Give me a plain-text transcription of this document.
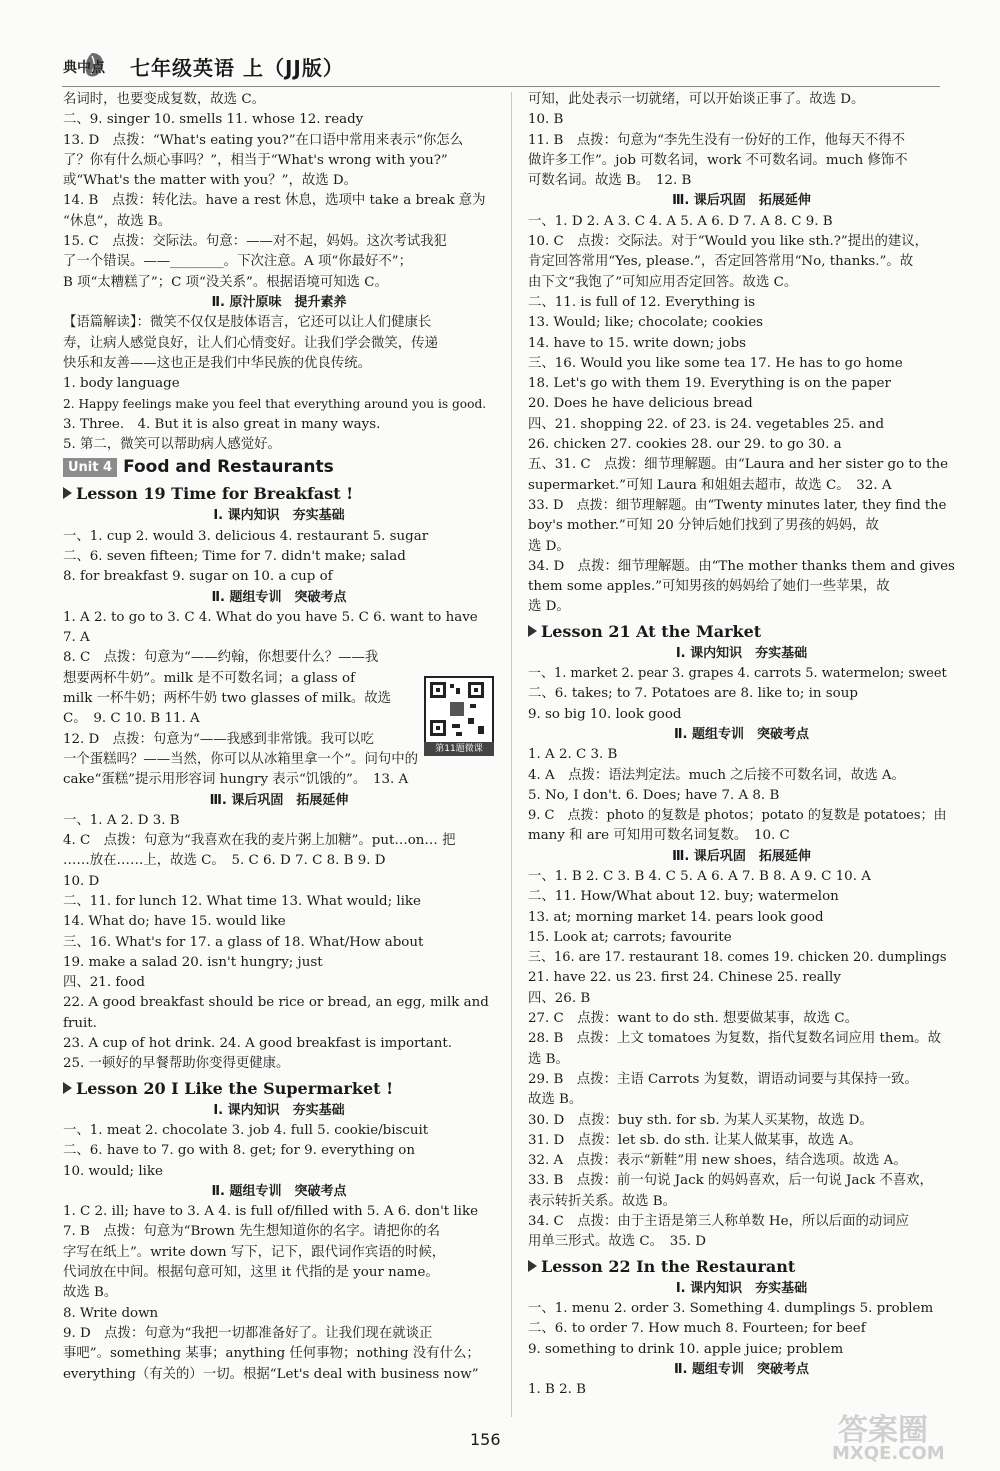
典中点 七年级英语 上（JJ版）
名词时，也要变成复数，故选 C。
二、9. singer 10. smells 11. whose 12. ready
13. D　点拨：“What's eating you?”在口语中常用来表示“你怎么
了？你有什么烦心事吗？”，相当于“What's wrong with you?”
或“What's the matter with you？”，故选 D。
14. B　点拨：转化法。have a rest 休息，选项中 take a break 意为
“休息”，故选 B。
15. C　点拨：交际法。句意：——对不起，妈妈。这次考试我犯
了一个错误。——________。下次注意。A 项“你最好不”；
B 项“太糟糕了”；C 项“没关系”。根据语境可知选 C。
Ⅱ. 原汁原味　提升素养
【语篇解读】：微笑不仅仅是肢体语言，它还可以让人们健康长
寿，让病人感觉良好，让人们心情变好。让我们学会微笑，传递
快乐和友善——这也正是我们中华民族的优良传统。
1. body language
2. Happy feelings make you feel that everything around you is good.
3. Three.　4. But it is also great in many ways.
5. 第二，微笑可以帮助病人感觉好。
Unit 4 Food and Restaurants
Lesson 19 Time for Breakfast !
Ⅰ. 课内知识　夯实基础
一、1. cup 2. would 3. delicious 4. restaurant 5. sugar
二、6. seven fifteen; Time for 7. didn't make; salad
8. for breakfast 9. sugar on 10. a cup of
Ⅱ. 题组专训　突破考点
1. A 2. to go to 3. C 4. What do you have 5. C 6. want to have
7. A
8. C　点拨：句意为“——约翰，你想要什么？——我
想要两杯牛奶”。milk 是不可数名词；a glass of
milk 一杯牛奶；两杯牛奶 two glasses of milk。故选
C。　9. C 10. B 11. A
12. D　点拨：句意为“——我感到非常饿。我可以吃
一个蛋糕吗？——当然，你可以从冰箱里拿一个”。问句中的
cake“蛋糕”提示用形容词 hungry 表示“饥饿的”。　13. A
Ⅲ. 课后巩固　拓展延伸
一、1. A 2. D 3. B
4. C　点拨：句意为“我喜欢在我的麦片粥上加糖”。put…on… 把
……放在……上，故选 C。　5. C 6. D 7. C 8. B 9. D
10. D
二、11. for lunch 12. What time 13. What would; like
14. What do; have 15. would like
三、16. What's for 17. a glass of 18. What/How about
19. make a salad 20. isn't hungry; just
四、21. food
22. A good breakfast should be rice or bread, an egg, milk and
fruit.
23. A cup of hot drink. 24. A good breakfast is important.
25. 一顿好的早餐帮助你变得更健康。
Lesson 20 I Like the Supermarket !
Ⅰ. 课内知识　夯实基础
一、1. meat 2. chocolate 3. job 4. full 5. cookie/biscuit
二、6. have to 7. go with 8. get; for 9. everything on
10. would; like
Ⅱ. 题组专训　突破考点
1. C 2. ill; have to 3. A 4. is full of/filled with 5. A 6. don't like
7. B　点拨：句意为“Brown 先生想知道你的名字。请把你的名
字写在纸上”。write down 写下，记下，跟代词作宾语的时候，
代词放在中间。根据句意可知，这里 it 代指的是 your name。
故选 B。
8. Write down
9. D　点拨：句意为“我把一切都准备好了。让我们现在就谈正
事吧”。something 某事；anything 任何事物；nothing 没有什么；
everything（有关的）一切。根据“Let's deal with business now”
可知，此处表示一切就绪，可以开始谈正事了。故选 D。
10. B
11. B　点拨：句意为“李先生没有一份好的工作，他每天不得不
做许多工作”。job 可数名词，work 不可数名词。much 修饰不
可数名词。故选 B。　12. B
Ⅲ. 课后巩固　拓展延伸
一、1. D 2. A 3. C 4. A 5. A 6. D 7. A 8. C 9. B
10. C　点拨：交际法。对于“Would you like sth.?”提出的建议，
肯定回答常用“Yes, please.”，否定回答常用“No, thanks.”。故
由下文“我饱了”可知应用否定回答。故选 C。
二、11. is full of 12. Everything is
13. Would; like; chocolate; cookies
14. have to 15. write down; jobs
三、16. Would you like some tea 17. He has to go home
18. Let's go with them 19. Everything is on the paper
20. Does he have delicious bread
四、21. shopping 22. of 23. is 24. vegetables 25. and
26. chicken 27. cookies 28. our 29. to go 30. a
五、31. C　点拨：细节理解题。由“Laura and her sister go to the
supermarket.”可知 Laura 和姐姐去超市，故选 C。　32. A
33. D　点拨：细节理解题。由“Twenty minutes later, they find the
boy's mother.”可知 20 分钟后她们找到了男孩的妈妈，故
选 D。
34. D　点拨：细节理解题。由“The mother thanks them and gives
them some apples.”可知男孩的妈妈给了她们一些苹果，故
选 D。
Lesson 21 At the Market
Ⅰ. 课内知识　夯实基础
一、1. market 2. pear 3. grapes 4. carrots 5. watermelon; sweet
二、6. takes; to 7. Potatoes are 8. like to; in soup
9. so big 10. look good
Ⅱ. 题组专训　突破考点
1. A 2. C 3. B
4. A　点拨：语法判定法。much 之后接不可数名词，故选 A。
5. No, I don't. 6. Does; have 7. A 8. B
9. C　点拨：photo 的复数是 photos；potato 的复数是 potatoes；由
many 和 are 可知用可数名词复数。　10. C
Ⅲ. 课后巩固　拓展延伸
一、1. B 2. C 3. B 4. C 5. A 6. A 7. B 8. A 9. C 10. A
二、11. How/What about 12. buy; watermelon
13. at; morning market 14. pears look good
15. Look at; carrots; favourite
三、16. are 17. restaurant 18. comes 19. chicken 20. dumplings
21. have 22. us 23. first 24. Chinese 25. really
四、26. B
27. C　点拨：want to do sth. 想要做某事，故选 C。
28. B　点拨：上文 tomatoes 为复数，指代复数名词应用 them。故
选 B。
29. B　点拨：主语 Carrots 为复数，谓语动词要与其保持一致。
故选 B。
30. D　点拨：buy sth. for sb. 为某人买某物，故选 D。
31. D　点拨：let sb. do sth. 让某人做某事，故选 A。
32. A　点拨：表示“新鞋”用 new shoes，结合选项。故选 A。
33. B　点拨：前一句说 Jack 的妈妈喜欢，后一句说 Jack 不喜欢，
表示转折关系。故选 B。
34. C　点拨：由于主语是第三人称单数 He，所以后面的动词应
用单三形式。故选 C。　35. D
Lesson 22 In the Restaurant
Ⅰ. 课内知识　夯实基础
一、1. menu 2. order 3. Something 4. dumplings 5. problem
二、6. to order 7. How much 8. Fourteen; for beef
9. something to drink 10. apple juice; problem
Ⅱ. 题组专训　突破考点
1. B 2. B
第11题微课
156	答案圈
MXQE.COM
